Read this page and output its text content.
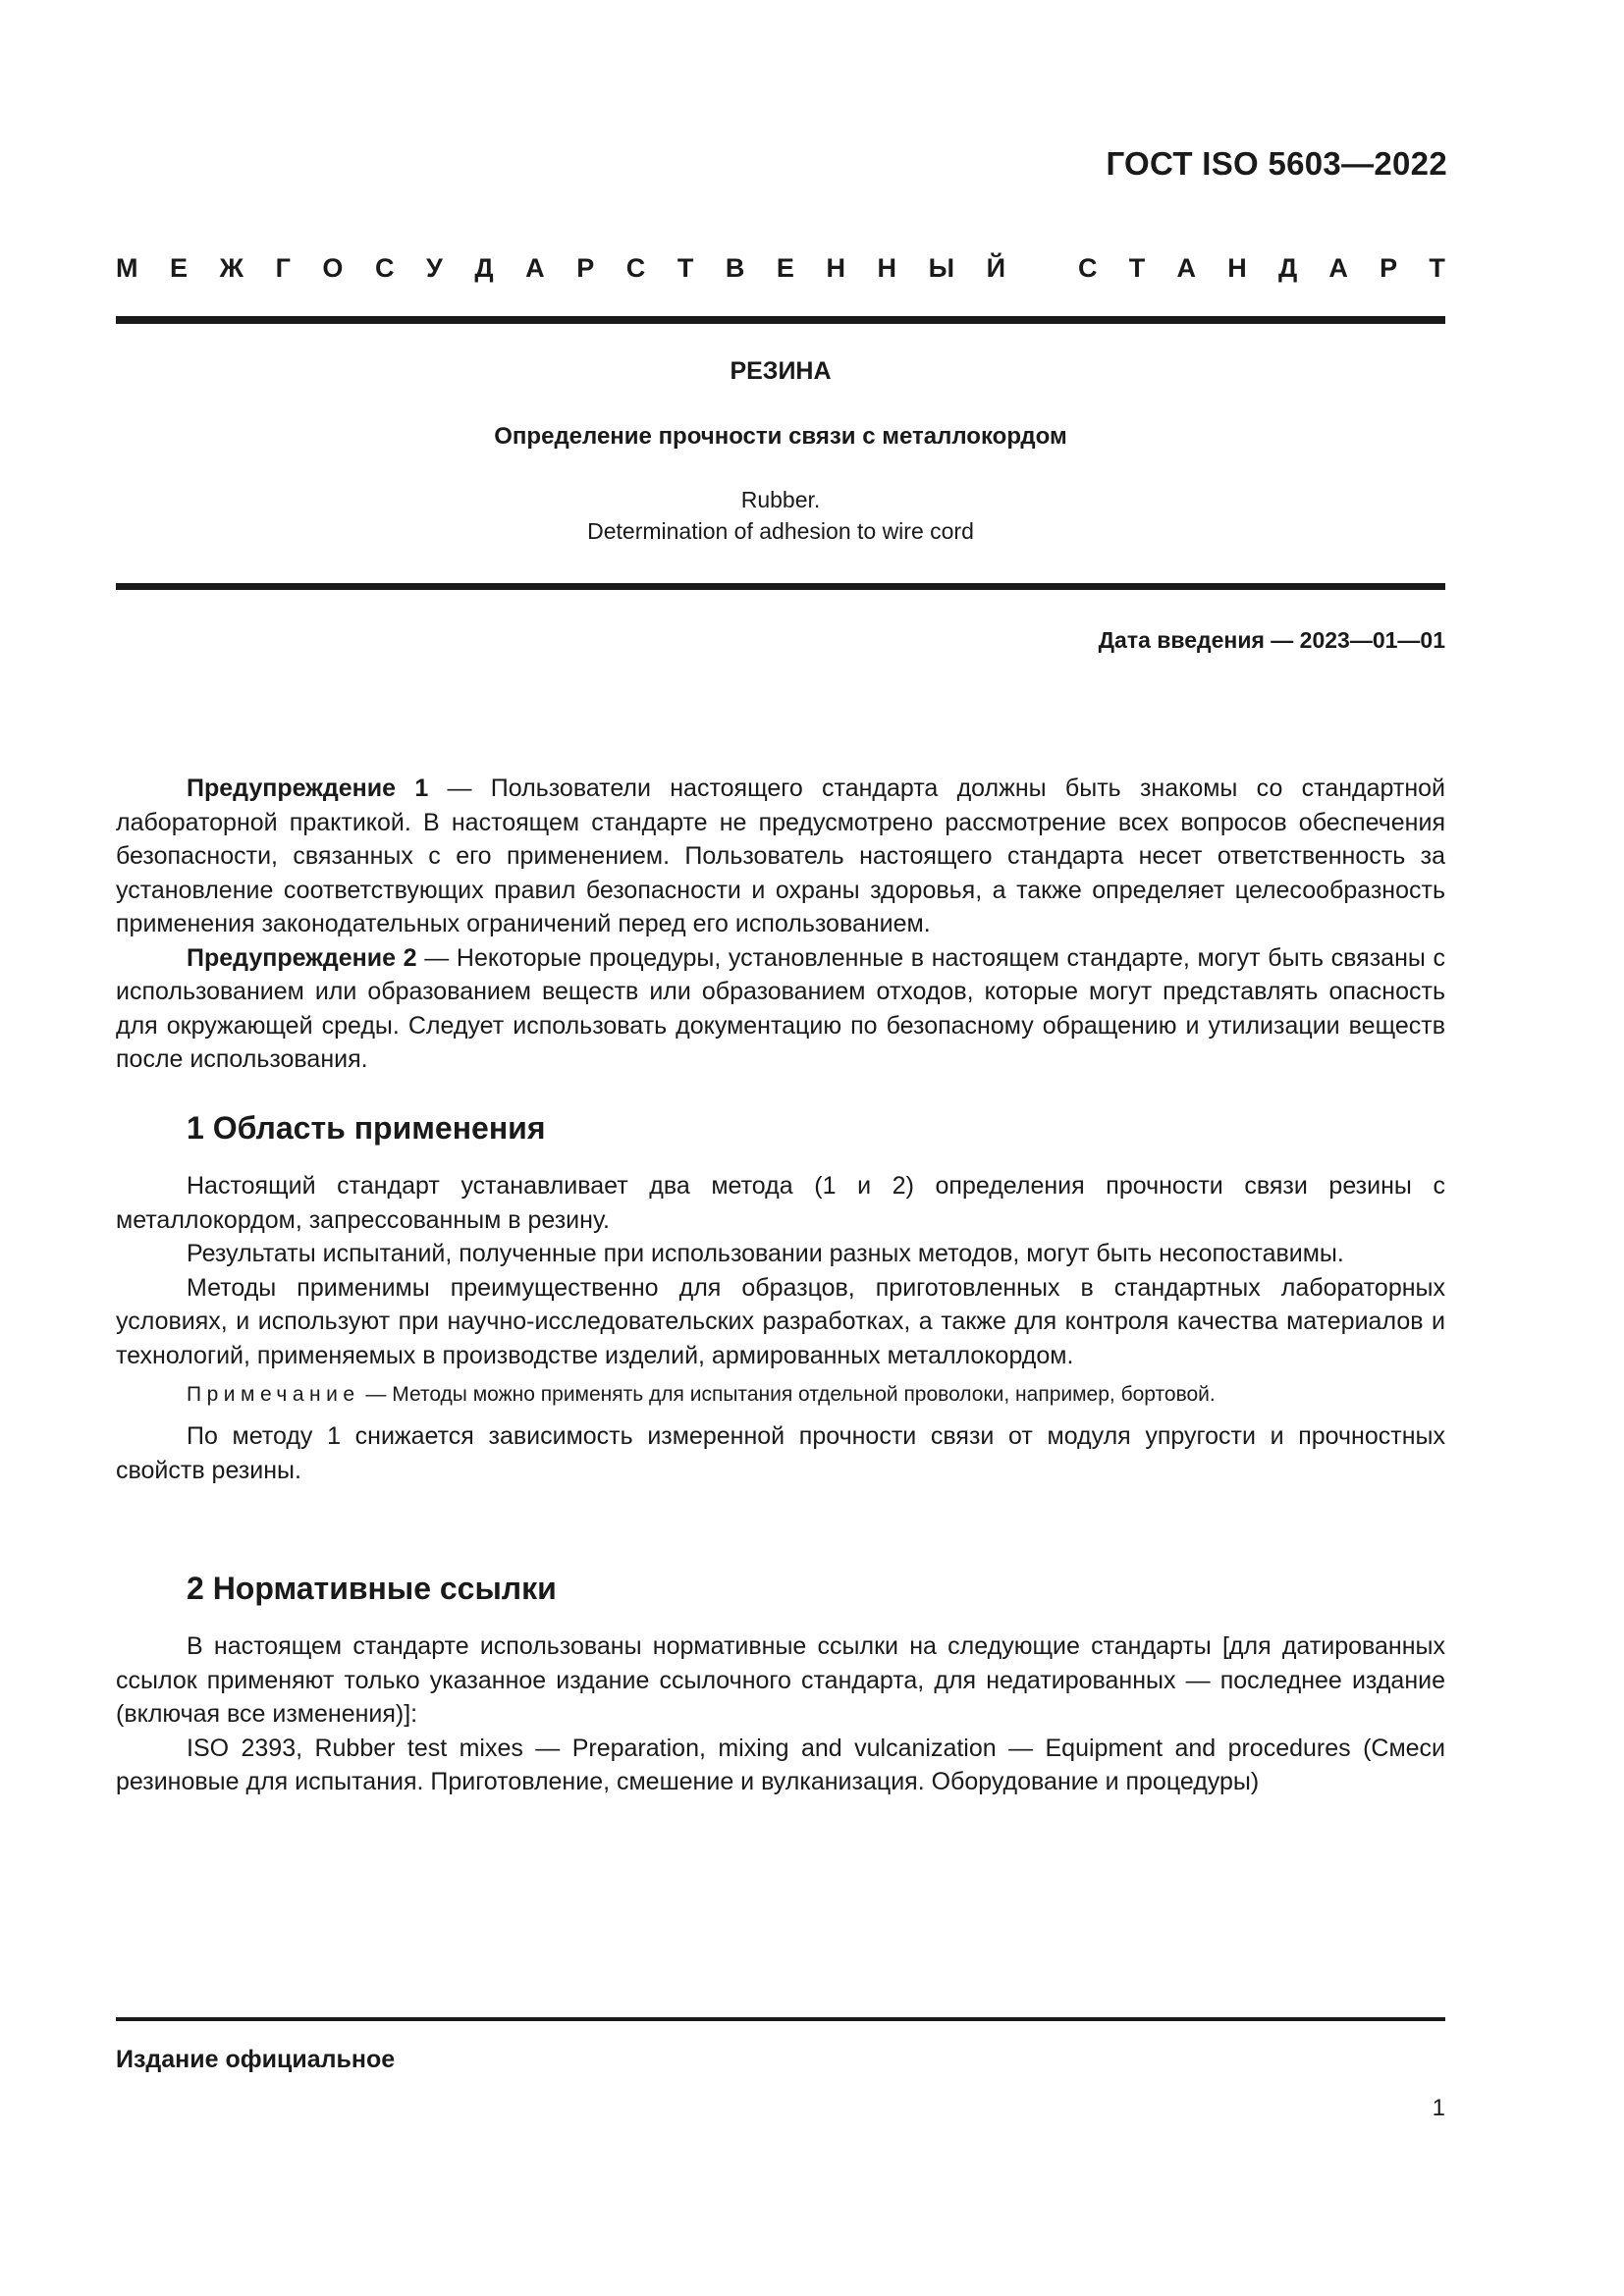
ГОСТ ISO 5603—2022
М Е Ж Г О С У Д А Р С Т В Е Н Н Ы Й	С Т А Н Д А Р Т
РЕЗИНА
Определение прочности связи с металлокордом
Rubber.
Determination of adhesion to wire cord
Дата введения — 2023—01—01

Предупреждение 1 — Пользователи настоящего стандарта должны быть знакомы со стандартной лабораторной практикой. В настоящем стандарте не предусмотрено рассмотрение всех вопросов обеспечения безопасности, связанных с его применением. Пользователь настоящего стандарта несет ответственность за установление соответствующих правил безопасности и охраны здоровья, а также определяет целесообразность применения законодательных ограничений перед его использованием.

Предупреждение 2 — Некоторые процедуры, установленные в настоящем стандарте, могут быть связаны с использованием или образованием веществ или образованием отходов, которые могут представлять опасность для окружающей среды. Следует использовать документацию по безопасному обращению и утилизации веществ после использования.

1 Область применения

Настоящий стандарт устанавливает два метода (1 и 2) определения прочности связи резины с металлокордом, запрессованным в резину.

Результаты испытаний, полученные при использовании разных методов, могут быть несопоставимы.

Методы применимы преимущественно для образцов, приготовленных в стандартных лабораторных условиях, и используют при научно-исследовательских разработках, а также для контроля качества материалов и технологий, применяемых в производстве изделий, армированных металлокордом.

Примечание — Методы можно применять для испытания отдельной проволоки, например, бортовой.

По методу 1 снижается зависимость измеренной прочности связи от модуля упругости и прочностных свойств резины.

2 Нормативные ссылки

В настоящем стандарте использованы нормативные ссылки на следующие стандарты [для датированных ссылок применяют только указанное издание ссылочного стандарта, для недатированных — последнее издание (включая все изменения)]:

ISO 2393, Rubber test mixes — Preparation, mixing and vulcanization — Equipment and procedures (Смеси резиновые для испытания. Приготовление, смешение и вулканизация. Оборудование и процедуры)

Издание официальное
1
